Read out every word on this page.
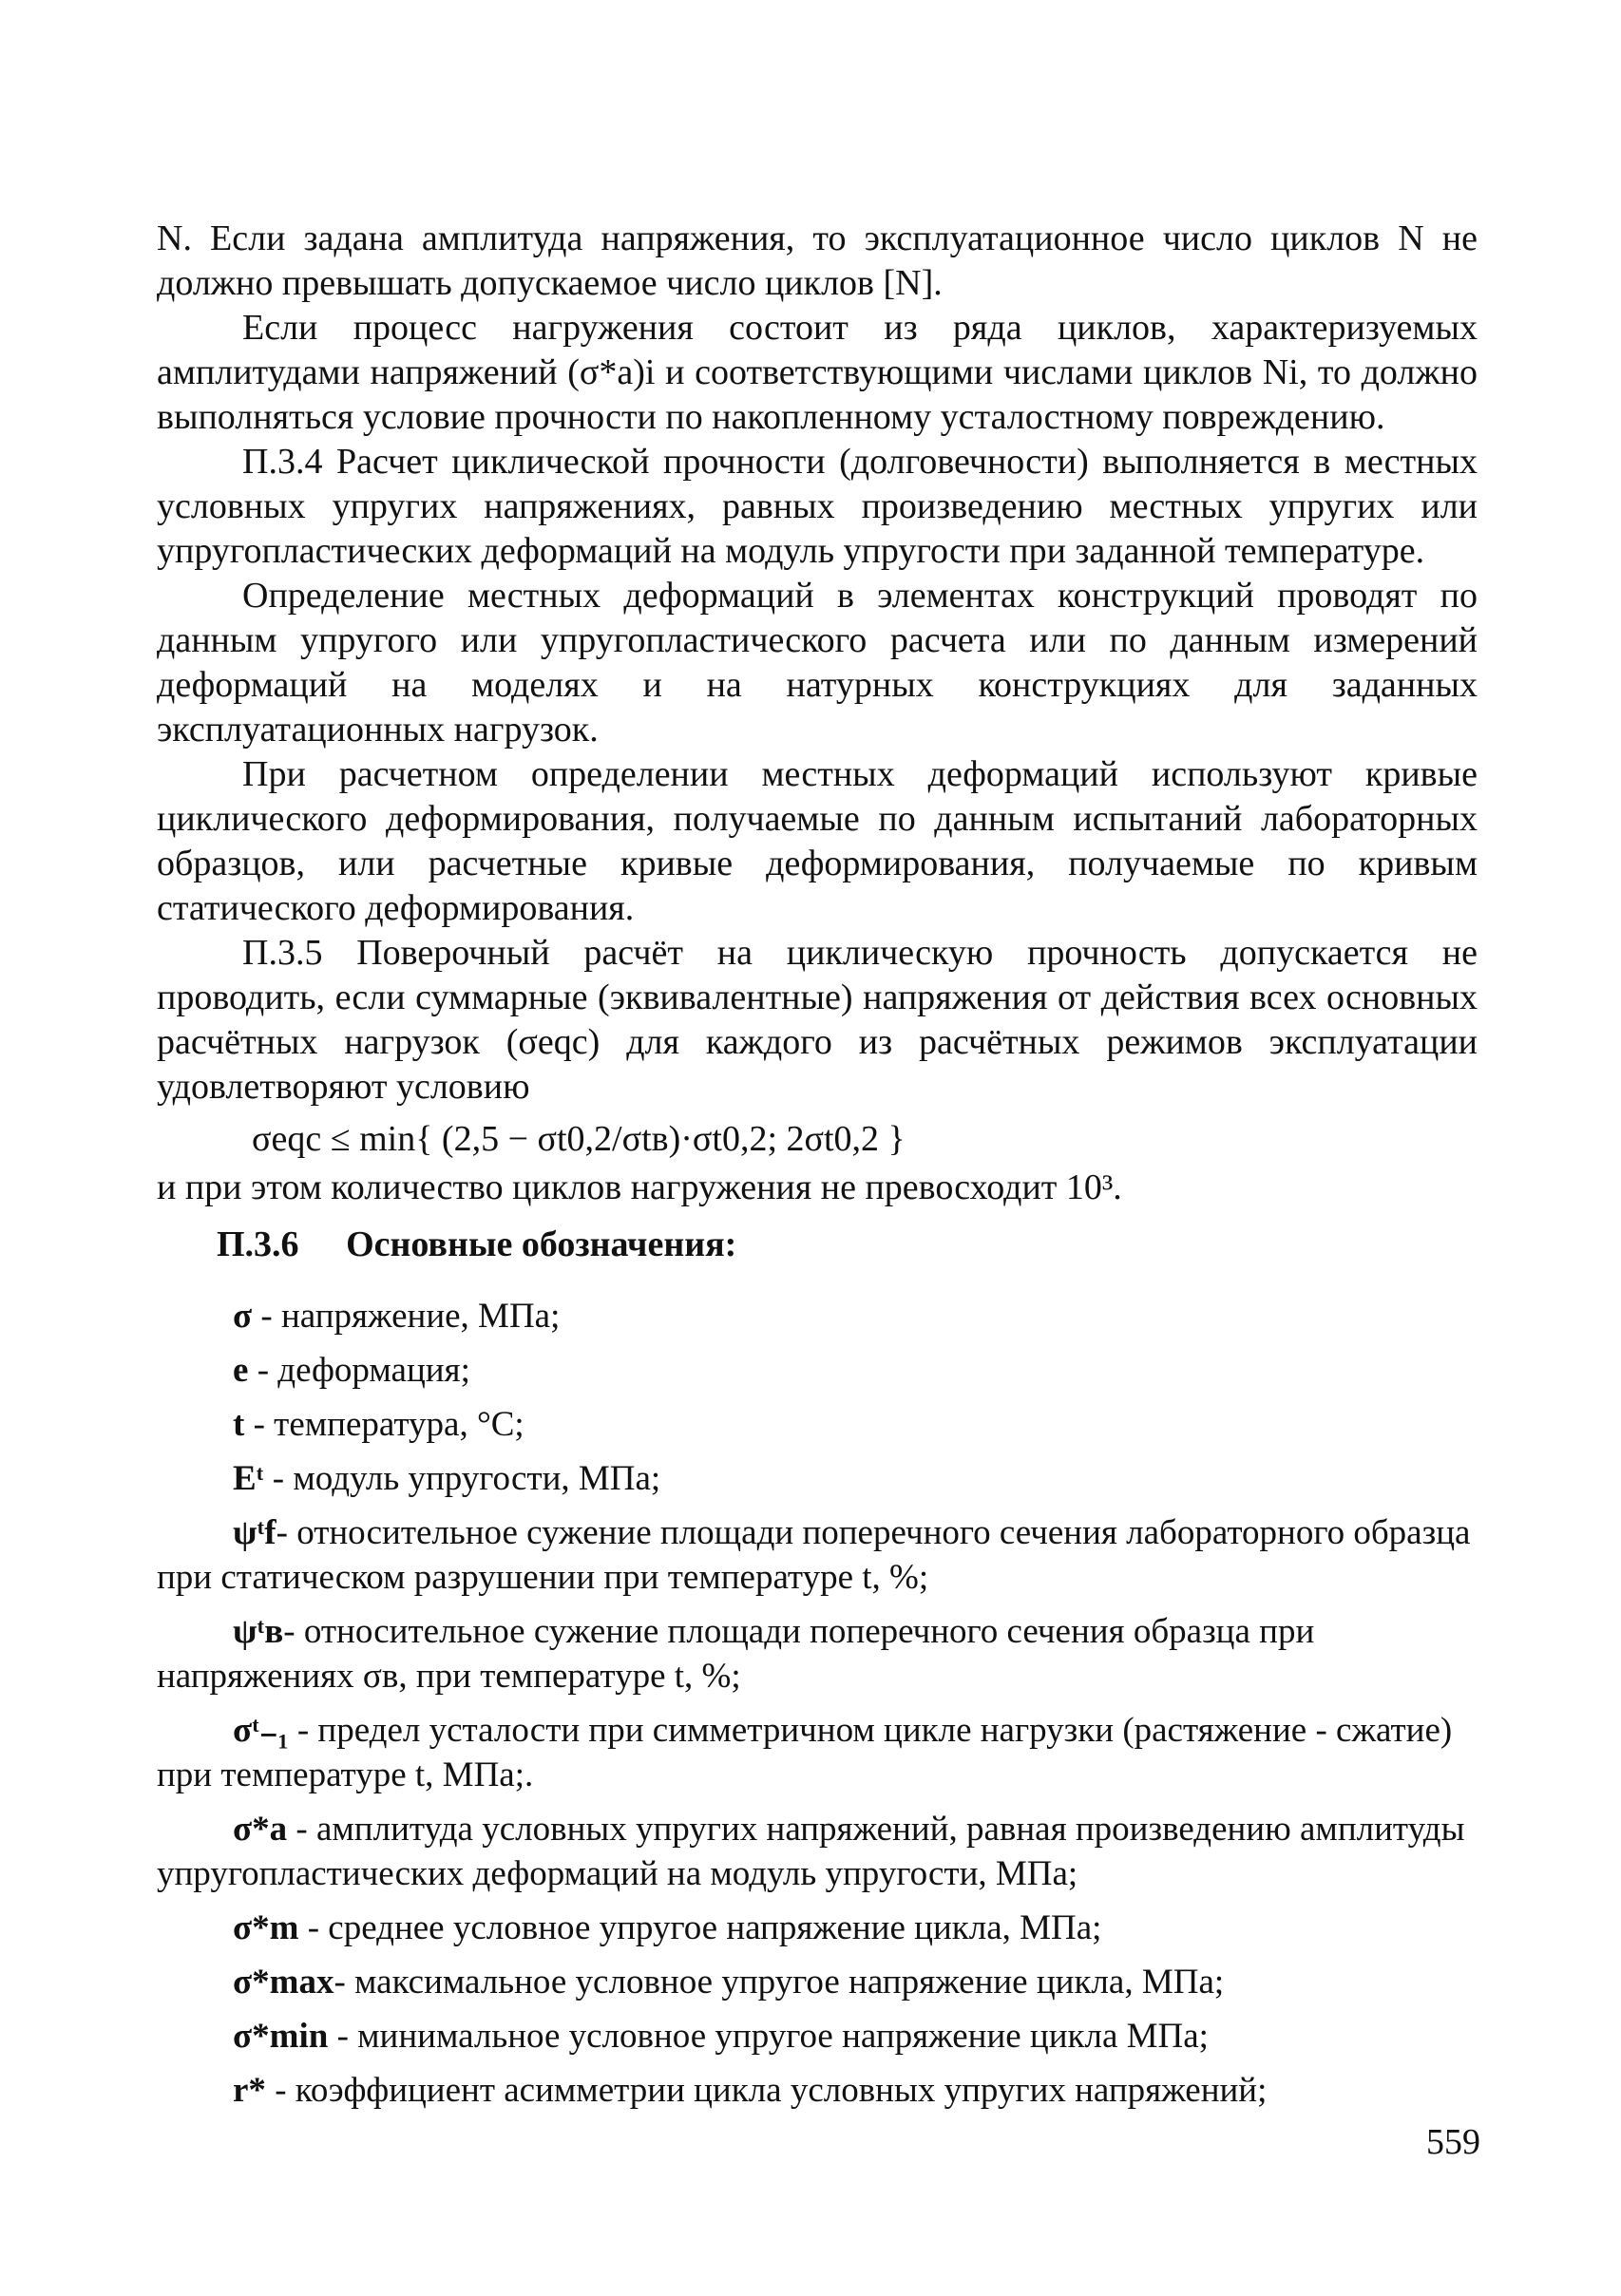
N. Если задана амплитуда напряжения, то эксплуатационное число циклов N не должно превышать допускаемое число циклов [N].

Если процесс нагружения состоит из ряда циклов, характеризуемых амплитудами напряжений (σ*a)i и соответствующими числами циклов Ni, то должно выполняться условие прочности по накопленному усталостному повреждению.

П.3.4 Расчет циклической прочности (долговечности) выполняется в местных условных упругих напряжениях, равных произведению местных упругих или упругопластических деформаций на модуль упругости при заданной температуре.

Определение местных деформаций в элементах конструкций проводят по данным упругого или упругопластического расчета или по данным измерений деформаций на моделях и на натурных конструкциях для заданных эксплуатационных нагрузок.

При расчетном определении местных деформаций используют кривые циклического деформирования, получаемые по данным испытаний лабораторных образцов, или расчетные кривые деформирования, получаемые по кривым статического деформирования.

П.3.5 Поверочный расчёт на циклическую прочность допускается не проводить, если суммарные (эквивалентные) напряжения от действия всех основных расчётных нагрузок (σeqc) для каждого из расчётных режимов эксплуатации удовлетворяют условию

σeqc ≤ min{ (2,5 − σt0,2/σtв)·σt0,2; 2σt0,2 }

и при этом количество циклов нагружения не превосходит 10³.

П.3.6 Основные обозначения:
σ - напряжение, МПа;
e - деформация;
t - температура, °С;
Eᵗ - модуль упругости, МПа;
ψᵗf- относительное сужение площади поперечного сечения лабораторного образца при статическом разрушении при температуре t, %;
ψᵗв- относительное сужение площади поперечного сечения образца при напряжениях σв, при температуре t, %;
σᵗ₋₁ - предел усталости при симметричном цикле нагрузки (растяжение - сжатие) при температуре t, МПа;.
σ*a - амплитуда условных упругих напряжений, равная произведению амплитуды упругопластических деформаций на модуль упругости, МПа;
σ*m - среднее условное упругое напряжение цикла, МПа;
σ*max- максимальное условное упругое напряжение цикла, МПа;
σ*min - минимальное условное упругое напряжение цикла МПа;
r* - коэффициент асимметрии цикла условных упругих напряжений;
559
